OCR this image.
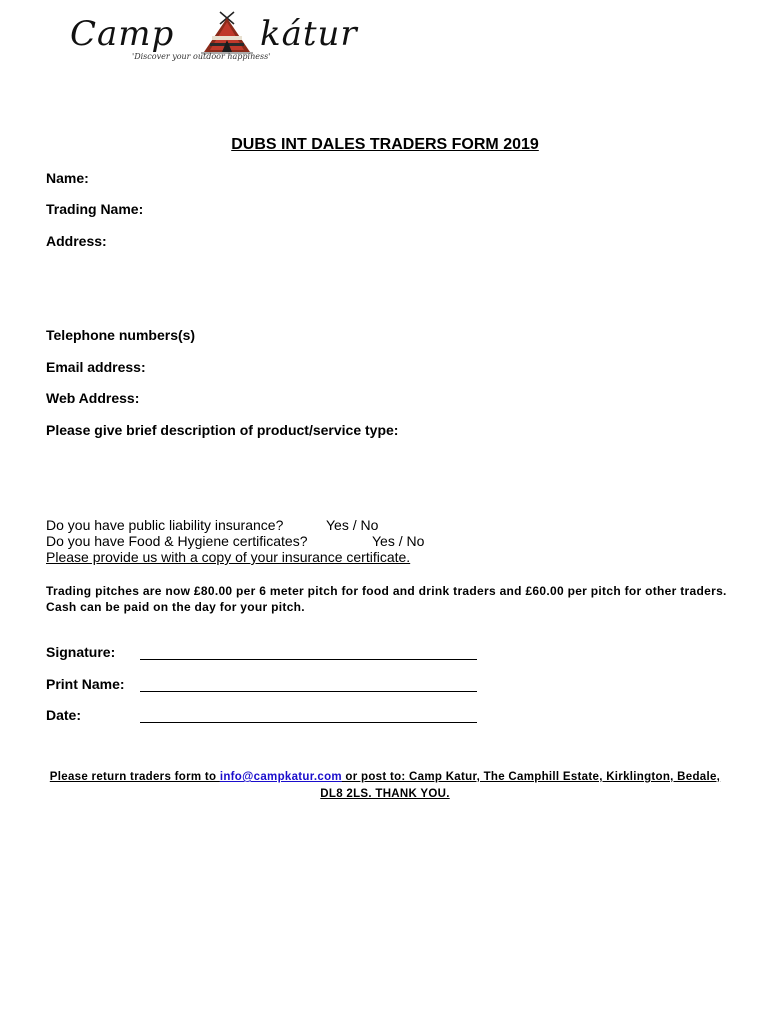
Camp	kátur
'Discover your outdoor happiness'
DUBS INT DALES TRADERS FORM 2019
Name:
Trading Name:
Address:
Telephone numbers(s)
Email address:
Web Address:
Please give brief description of product/service type:
Do you have public liability insurance?	Yes / No
Do you have Food & Hygiene certificates?	Yes / No
Please provide us with a copy of your insurance certificate.
Trading pitches are now £80.00 per 6 meter pitch for food and drink traders and £60.00 per pitch for other traders. Cash can be paid on the day for your pitch.
Signature:
Print Name:
Date:
Please return traders form to info@campkatur.com or post to: Camp Katur, The Camphill Estate, Kirklington, Bedale, DL8 2LS. THANK YOU.
